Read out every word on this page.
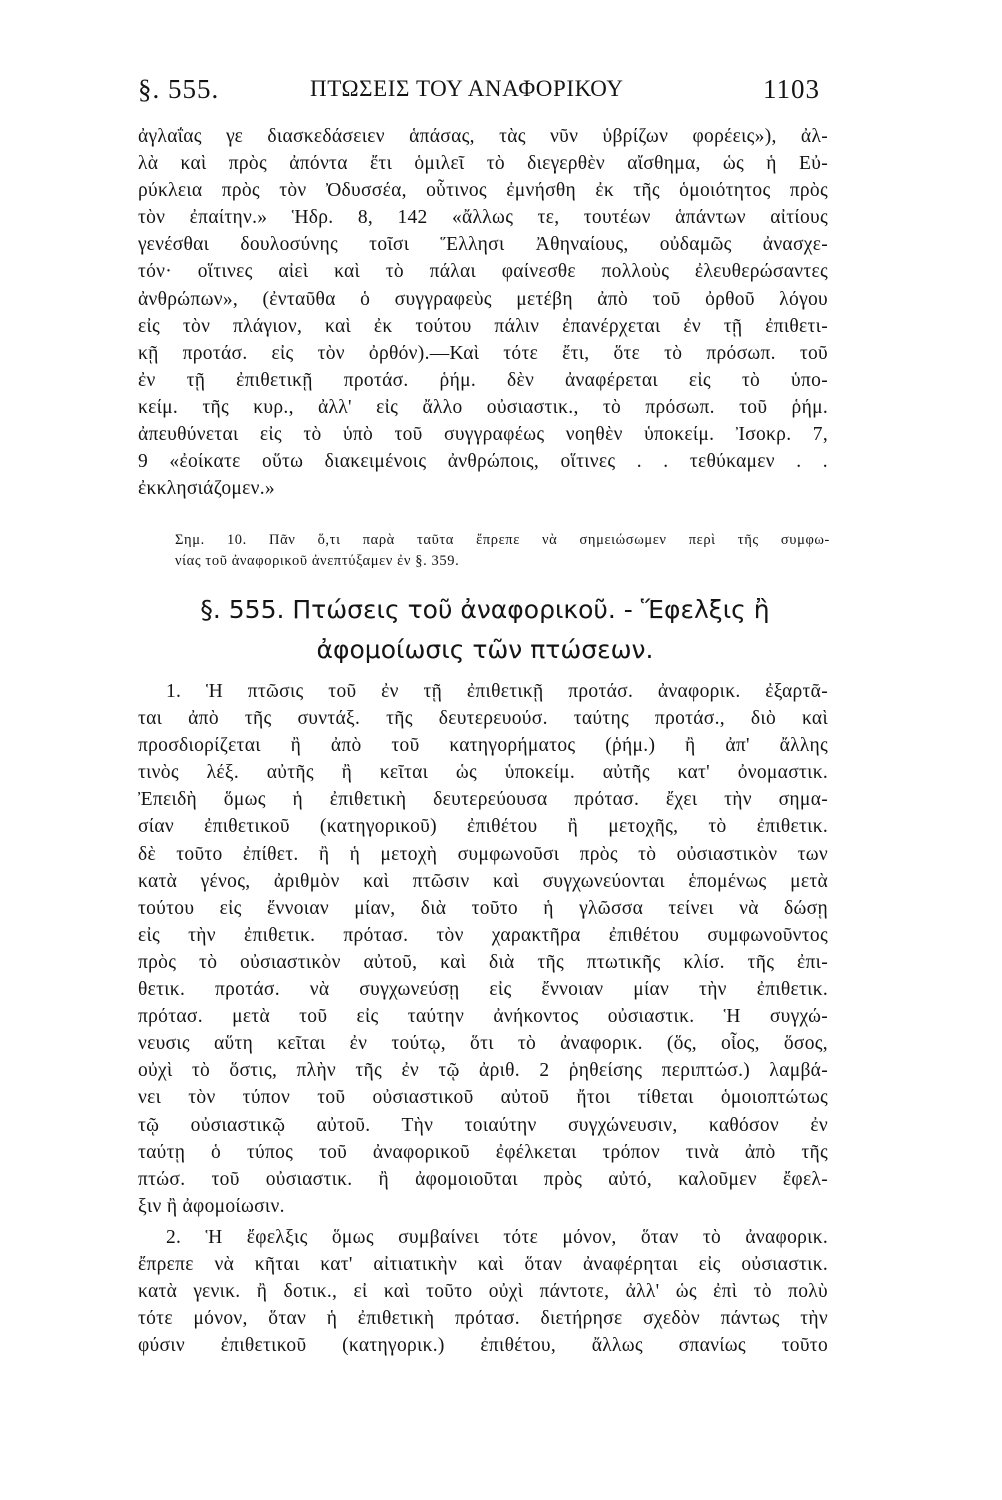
§. 555.	ΠΤΩΣΕΙΣ ΤΟΥ ΑΝΑΦΟΡΙΚΟΥ	1103
ἀγλαΐας γε διασκεδάσειεν ἁπάσας, τὰς νῦν ὑβρίζων φορέεις»), ἀλ-
λὰ καὶ πρὸς ἀπόντα ἔτι ὁμιλεῖ τὸ διεγερθὲν αἴσθημα, ὡς ἡ Εὐ-
ρύκλεια πρὸς τὸν Ὀδυσσέα, οὗτινος ἐμνήσθη ἐκ τῆς ὁμοιότητος πρὸς
τὸν ἐπαίτην.» Ἡδρ. 8, 142 «ἄλλως τε, τουτέων ἁπάντων αἰτίους
γενέσθαι δουλοσύνης τοῖσι Ἕλλησι Ἀθηναίους, οὐδαμῶς ἀνασχε-
τόν· οἵτινες αἰεὶ καὶ τὸ πάλαι φαίνεσθε πολλοὺς ἐλευθερώσαντες
ἀνθρώπων», (ἐνταῦθα ὁ συγγραφεὺς μετέβη ἀπὸ τοῦ ὀρθοῦ λόγου
εἰς τὸν πλάγιον, καὶ ἐκ τούτου πάλιν ἐπανέρχεται ἐν τῇ ἐπιθετι-
κῇ προτάσ. εἰς τὸν ὀρθόν).—Καὶ τότε ἔτι, ὅτε τὸ πρόσωπ. τοῦ
ἐν τῇ ἐπιθετικῇ προτάσ. ῥήμ. δὲν ἀναφέρεται εἰς τὸ ὑπο-
κείμ. τῆς κυρ., ἀλλ' εἰς ἄλλο οὐσιαστικ., τὸ πρόσωπ. τοῦ ῥήμ.
ἀπευθύνεται εἰς τὸ ὑπὸ τοῦ συγγραφέως νοηθὲν ὑποκείμ. Ἰσοκρ. 7,
9 «ἐοίκατε οὕτω διακειμένοις ἀνθρώποις, οἵτινες . . τεθύκαμεν . .
ἐκκλησιάζομεν.»
Σημ. 10. Πᾶν ὅ,τι παρὰ ταῦτα ἔπρεπε νὰ σημειώσωμεν περὶ τῆς συμφω-
νίας τοῦ ἀναφορικοῦ ἀνεπτύξαμεν ἐν §. 359.
§. 555. Πτώσεις τοῦ ἀναφορικοῦ. - Ἕφελξις ἢ
ἀφομοίωσις τῶν πτώσεων.
1. Ἡ πτῶσις τοῦ ἐν τῇ ἐπιθετικῇ προτάσ. ἀναφορικ. ἐξαρτᾶ-
ται ἀπὸ τῆς συντάξ. τῆς δευτερευούσ. ταύτης προτάσ., διὸ καὶ
προσδιορίζεται ἢ ἀπὸ τοῦ κατηγορήματος (ῥήμ.) ἢ ἀπ' ἄλλης
τινὸς λέξ. αὐτῆς ἢ κεῖται ὡς ὑποκείμ. αὐτῆς κατ' ὀνομαστικ.
Ἐπειδὴ ὅμως ἡ ἐπιθετικὴ δευτερεύουσα πρότασ. ἔχει τὴν σημα-
σίαν ἐπιθετικοῦ (κατηγορικοῦ) ἐπιθέτου ἢ μετοχῆς, τὸ ἐπιθετικ.
δὲ τοῦτο ἐπίθετ. ἢ ἡ μετοχὴ συμφωνοῦσι πρὸς τὸ οὐσιαστικὸν των
κατὰ γένος, ἀριθμὸν καὶ πτῶσιν καὶ συγχωνεύονται ἑπομένως μετὰ
τούτου εἰς ἔννοιαν μίαν, διὰ τοῦτο ἡ γλῶσσα τείνει νὰ δώσῃ
εἰς τὴν ἐπιθετικ. πρότασ. τὸν χαρακτῆρα ἐπιθέτου συμφωνοῦντος
πρὸς τὸ οὐσιαστικὸν αὐτοῦ, καὶ διὰ τῆς πτωτικῆς κλίσ. τῆς ἐπι-
θετικ. προτάσ. νὰ συγχωνεύσῃ εἰς ἔννοιαν μίαν τὴν ἐπιθετικ.
πρότασ. μετὰ τοῦ εἰς ταύτην ἀνήκοντος οὐσιαστικ. Ἡ συγχώ-
νευσις αὕτη κεῖται ἐν τούτῳ, ὅτι τὸ ἀναφορικ. (ὅς, οἷος, ὅσος,
οὐχὶ τὸ ὅστις, πλὴν τῆς ἐν τῷ ἀριθ. 2 ῥηθείσης περιπτώσ.) λαμβά-
νει τὸν τύπον τοῦ οὐσιαστικοῦ αὐτοῦ ἤτοι τίθεται ὁμοιοπτώτως
τῷ οὐσιαστικῷ αὐτοῦ. Τὴν τοιαύτην συγχώνευσιν, καθόσον ἐν
ταύτῃ ὁ τύπος τοῦ ἀναφορικοῦ ἐφέλκεται τρόπον τινὰ ἀπὸ τῆς
πτώσ. τοῦ οὐσιαστικ. ἢ ἀφομοιοῦται πρὸς αὐτό, καλοῦμεν ἔφελ-
ξιν ἢ ἀφομοίωσιν.
2. Ἡ ἔφελξις ὅμως συμβαίνει τότε μόνον, ὅταν τὸ ἀναφορικ.
ἔπρεπε νὰ κῆται κατ' αἰτιατικὴν καὶ ὅταν ἀναφέρηται εἰς οὐσιαστικ.
κατὰ γενικ. ἢ δοτικ., εἰ καὶ τοῦτο οὐχὶ πάντοτε, ἀλλ' ὡς ἐπὶ τὸ πολὺ
τότε μόνον, ὅταν ἡ ἐπιθετικὴ πρότασ. διετήρησε σχεδὸν πάντως τὴν
φύσιν ἐπιθετικοῦ (κατηγορικ.) ἐπιθέτου, ἄλλως σπανίως τοῦτο
